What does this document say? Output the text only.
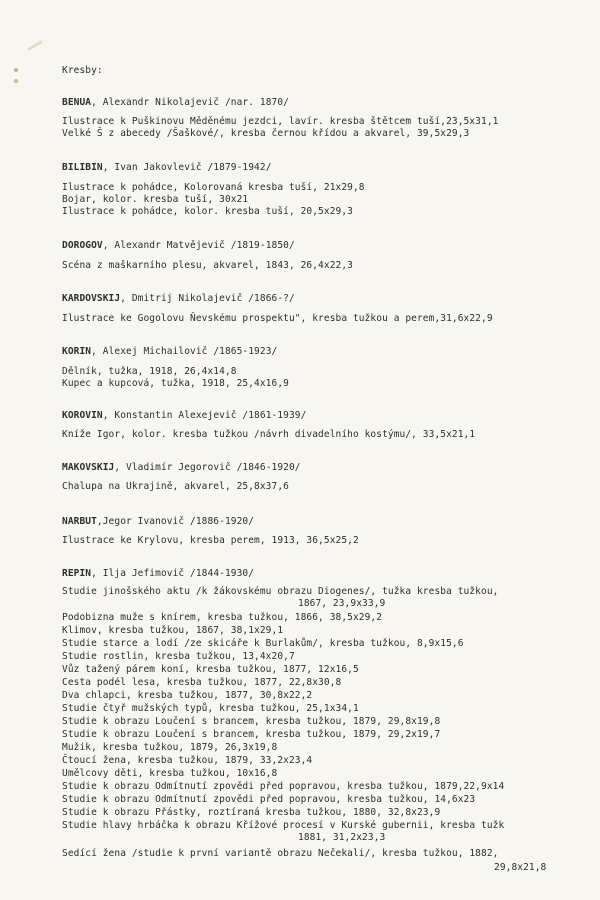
Kresby:
BENUA, Alexandr Nikolajevič /nar. 1870/
Ilustrace k Puškinovu Měděnému jezdci, lavír. kresba štětcem tuší,23,5x31,1
Velké Š z abecedy /Šaškové/, kresba černou křídou a akvarel, 39,5x29,3
BILIBIN, Ivan Jakovlevič /1879-1942/
Ilustrace k pohádce, Kolorovaná kresba tuší, 21x29,8
Bojar, kolor. kresba tuší, 30x21
Ilustrace k pohádce, kolor. kresba tuší, 20,5x29,3
DOROGOV, Alexandr Matvějevič /1819-1850/
Scéna z maškarního plesu, akvarel, 1843, 26,4x22,3
KARDOVSKIJ, Dmitrij Nikolajevič /1866-?/
Ilustrace ke Gogolovu Ňevskému prospektu", kresba tužkou a perem,31,6x22,9
KORIN, Alexej Michailovič /1865-1923/
Dělník, tužka, 1918, 26,4x14,8
Kupec a kupcová, tužka, 1918, 25,4x16,9
KOROVIN, Konstantin Alexejevič /1861-1939/
Kníže Igor, kolor. kresba tužkou /návrh divadelního kostýmu/, 33,5x21,1
MAKOVSKIJ, Vladimír Jegorovič /1846-1920/
Chalupa na Ukrajině, akvarel, 25,8x37,6
NARBUT,Jegor Ivanovič /1886-1920/
Ilustrace ke Krylovu, kresba perem, 1913, 36,5x25,2
REPIN, Ilja Jefimovič /1844-1930/
Studie jinošského aktu /k žákovskému obrazu Diogenes/, tužka kresba tužkou,
1867, 23,9x33,9
Podobizna muže s knírem, kresba tužkou, 1866, 38,5x29,2
Klimov, kresba tužkou, 1867, 38,1x29,1
Studie starce a lodí /ze skicáře k Burlakům/, kresba tužkou, 8,9x15,6
Studie rostlin, kresba tužkou, 13,4x20,7
Vůz tažený párem koní, kresba tužkou, 1877, 12x16,5
Cesta podél lesa, kresba tužkou, 1877, 22,8x30,8
Dva chlapci, kresba tužkou, 1877, 30,8x22,2
Studie čtyř mužských typů, kresba tužkou, 25,1x34,1
Studie k obrazu Loučení s brancem, kresba tužkou, 1879, 29,8x19,8
Studie k obrazu Loučení s brancem, kresba tužkou, 1879, 29,2x19,7
Mužik, kresba tužkou, 1879, 26,3x19,8
Čtoucí žena, kresba tužkou, 1879, 33,2x23,4
Umělcovy děti, kresba tužkou, 10x16,8
Studie k obrazu Odmítnutí zpovědi před popravou, kresba tužkou, 1879,22,9x14
Studie k obrazu Odmítnutí zpovědi před popravou, kresba tužkou, 14,6x23
Studie k obrazu Přástky, roztíraná kresba tužkou, 1880, 32,8x23,9
Studie hlavy hrbáčka k obrazu Křížové procesí v Kurské gubernii, kresba tužk
1881, 31,2x23,3
Sedící žena /studie k první variantě obrazu Nečekali/, kresba tužkou, 1882,
29,8x21,8
